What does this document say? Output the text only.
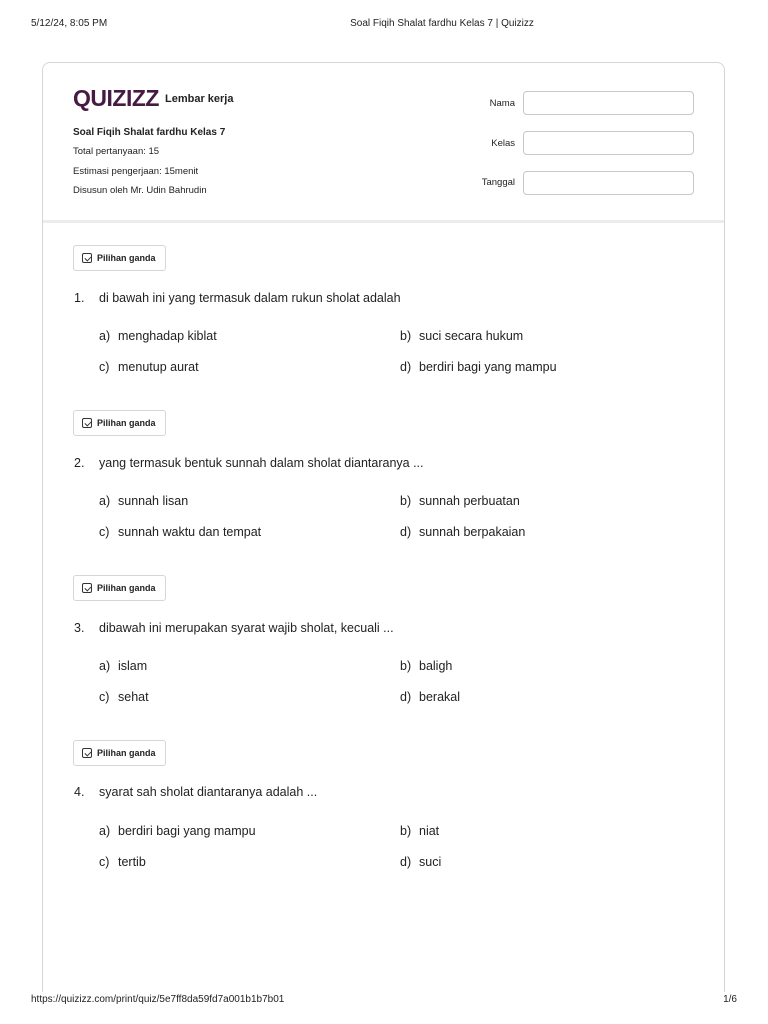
5/12/24, 8:05 PM	Soal Fiqih Shalat fardhu Kelas 7 | Quizizz
QUIZIZZ Lembar kerja
Soal Fiqih Shalat fardhu Kelas 7
Total pertanyaan: 15
Estimasi pengerjaan: 15menit
Disusun oleh Mr. Udin Bahrudin
Nama
Kelas
Tanggal
Pilihan ganda
1. di bawah ini yang termasuk dalam rukun sholat adalah
a) menghadap kiblat	b) suci secara hukum
c) menutup aurat	d) berdiri bagi yang mampu
Pilihan ganda
2. yang termasuk bentuk sunnah dalam sholat diantaranya ...
a) sunnah lisan	b) sunnah perbuatan
c) sunnah waktu dan tempat	d) sunnah berpakaian
Pilihan ganda
3. dibawah ini merupakan syarat wajib sholat, kecuali ...
a) islam	b) baligh
c) sehat	d) berakal
Pilihan ganda
4. syarat sah sholat diantaranya adalah ...
a) berdiri bagi yang mampu	b) niat
c) tertib	d) suci
https://quizizz.com/print/quiz/5e7ff8da59fd7a001b1b7b01	1/6
